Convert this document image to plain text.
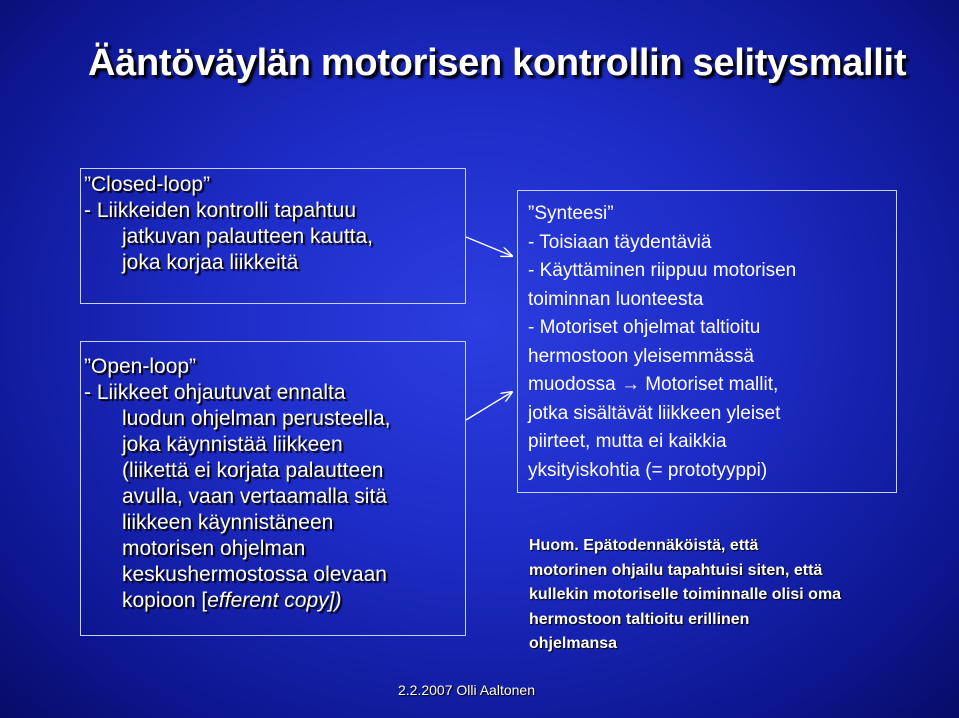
Ääntöväylän motorisen kontrollin selitysmallit
”Closed-loop”
- Liikkeiden kontrolli tapahtuu
jatkuvan palautteen kautta,
joka korjaa liikkeitä
”Open-loop”
- Liikkeet ohjautuvat ennalta
luodun ohjelman perusteella,
joka käynnistää liikkeen
(liikettä ei korjata palautteen
avulla, vaan vertaamalla sitä
liikkeen käynnistäneen
motorisen ohjelman
keskushermostossa olevaan
kopioon [efferent copy])
”Synteesi”
- Toisiaan täydentäviä
- Käyttäminen riippuu motorisen
toiminnan luonteesta
- Motoriset ohjelmat taltioitu
hermostoon yleisemmässä
muodossa → Motoriset mallit,
jotka sisältävät liikkeen yleiset
piirteet, mutta ei kaikkia
yksityiskohtia (= prototyyppi)
Huom. Epätodennäköistä, että
motorinen ohjailu tapahtuisi siten, että
kullekin motoriselle toiminnalle olisi oma
hermostoon taltioitu erillinen
ohjelmansa
2.2.2007 Olli Aaltonen
